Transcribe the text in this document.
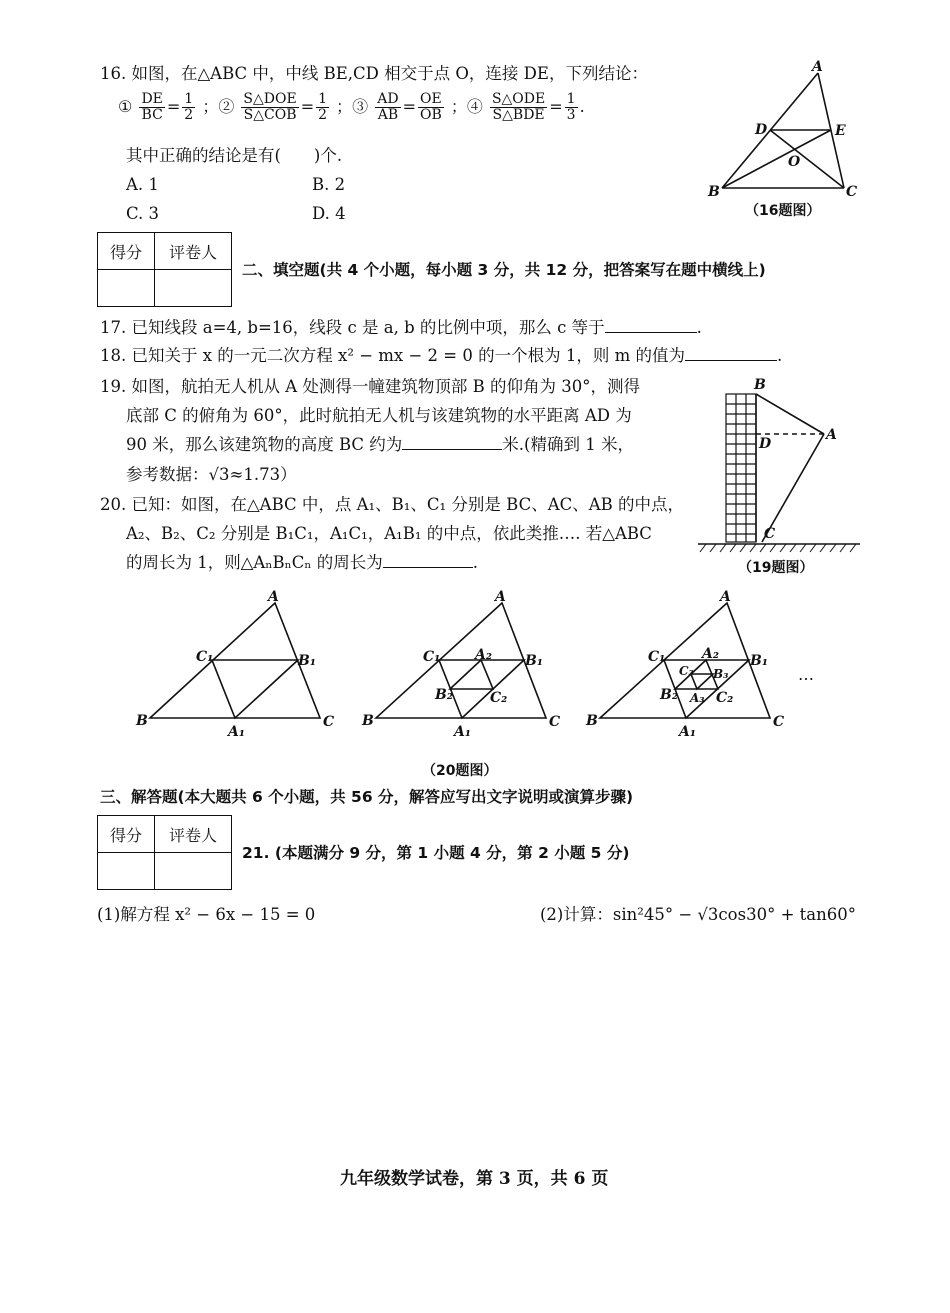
16. 如图，在△ABC 中，中线 BE,CD 相交于点 O，连接 DE，下列结论：
① $\frac{DE}{BC} = \frac{1}{2}$ ；② $\frac{\text{S△DOE}}{\text{S△COB}} = \frac{1}{2}$ ；③ $\frac{AD}{AB} = \frac{OE}{OB}$ ；④ $\frac{\text{S△ODE}}{\text{S△BDE}} = \frac{1}{3}$ .
其中正确的结论是有(　　)个.
A. 1	B. 2
C. 3	D. 4
A
D	E
O
B	C
（16题图）
得分	评卷人

二、填空题(共 4 个小题，每小题 3 分，共 12 分，把答案写在题中横线上)
17. 已知线段 a=4, b=16，线段 c 是 a, b 的比例中项，那么 c 等于	.
18. 已知关于 x 的一元二次方程 x² − mx − 2 = 0 的一个根为 1，则 m 的值为	.
19. 如图，航拍无人机从 A 处测得一幢建筑物顶部 B 的仰角为 30°，测得
底部 C 的俯角为 60°，此时航拍无人机与该建筑物的水平距离 AD 为
90 米，那么该建筑物的高度 BC 约为	米.(精确到 1 米，
参考数据：√3≈1.73）
B
D
A
C
（19题图）
20. 已知：如图，在△ABC 中，点 A₁、B₁、C₁ 分别是 BC、AC、AB 的中点，
A₂、B₂、C₂ 分别是 B₁C₁，A₁C₁，A₁B₁ 的中点，依此类推…. 若△ABC
的周长为 1，则△AₙBₙCₙ 的周长为	.
A
B	C
A₁
B₁
C₁
A
B	C
A₁
B₁
C₁ A₂
B₂	C₂
A
B	C
A₁
B₁
C₁	A₂
B₂	C₂
A₃
B₃
C₃	…
（20题图）
三、解答题(本大题共 6 个小题，共 56 分，解答应写出文字说明或演算步骤)
得分	评卷人

21. (本题满分 9 分，第 1 小题 4 分，第 2 小题 5 分)
(1)解方程 x² − 6x − 15 = 0	(2)计算：sin²45° − √3cos30° + tan60°
九年级数学试卷，第 3 页，共 6 页
